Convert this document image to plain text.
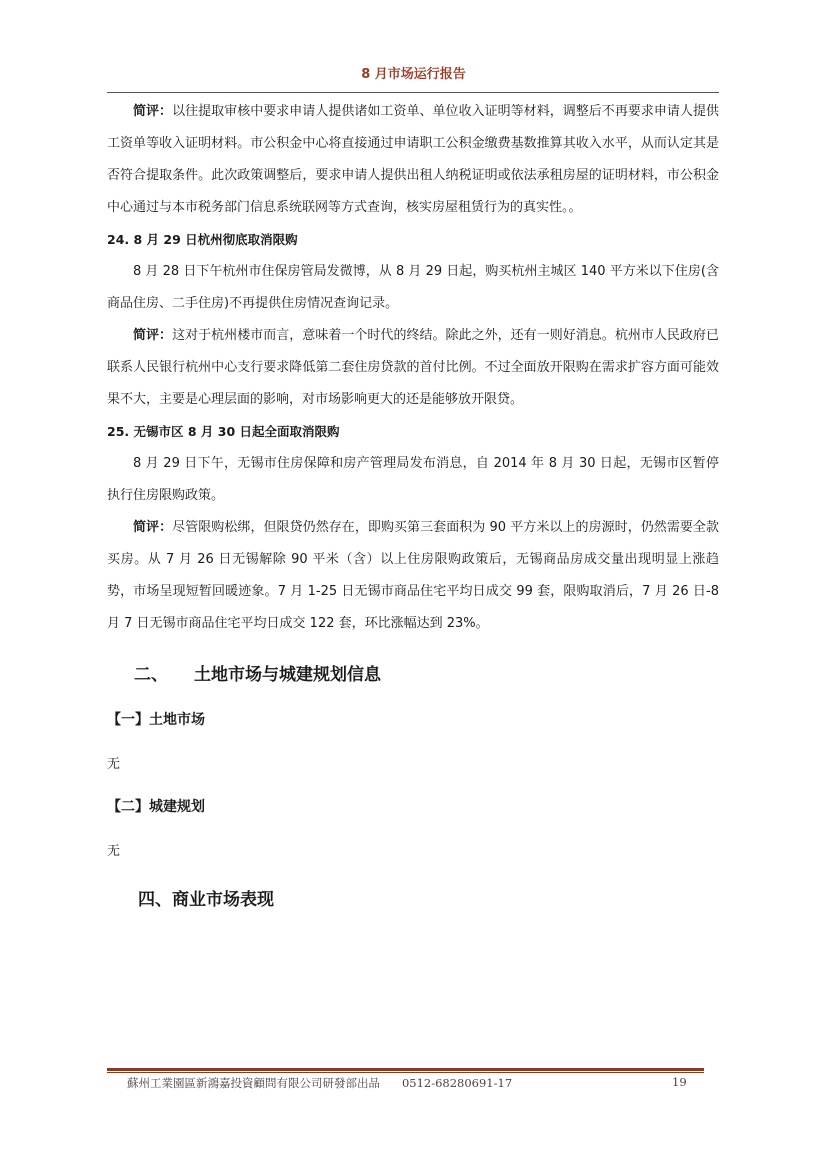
8 月市场运行报告

简评：以往提取审核中要求申请人提供诸如工资单、单位收入证明等材料，调整后不再要求申请人提供工资单等收入证明材料。市公积金中心将直接通过申请职工公积金缴费基数推算其收入水平，从而认定其是否符合提取条件。此次政策调整后，要求申请人提供出租人纳税证明或依法承租房屋的证明材料，市公积金中心通过与本市税务部门信息系统联网等方式查询，核实房屋租赁行为的真实性。。

24. 8 月 29 日杭州彻底取消限购

8 月 28 日下午杭州市住保房管局发微博，从 8 月 29 日起，购买杭州主城区 140 平方米以下住房(含商品住房、二手住房)不再提供住房情况查询记录。

简评：这对于杭州楼市而言，意味着一个时代的终结。除此之外，还有一则好消息。杭州市人民政府已联系人民银行杭州中心支行要求降低第二套住房贷款的首付比例。不过全面放开限购在需求扩容方面可能效果不大，主要是心理层面的影响，对市场影响更大的还是能够放开限贷。

25. 无锡市区 8 月 30 日起全面取消限购

8 月 29 日下午，无锡市住房保障和房产管理局发布消息，自 2014 年 8 月 30 日起，无锡市区暂停执行住房限购政策。

简评：尽管限购松绑，但限贷仍然存在，即购买第三套面积为 90 平方米以上的房源时，仍然需要全款买房。从 7 月 26 日无锡解除 90 平米（含）以上住房限购政策后，无锡商品房成交量出现明显上涨趋势，市场呈现短暂回暖迹象。7 月 1-25 日无锡市商品住宅平均日成交 99 套，限购取消后，7 月 26 日-8 月 7 日无锡市商品住宅平均日成交 122 套，环比涨幅达到 23%。

二、 土地市场与城建规划信息

【一】土地市场

无

【二】城建规划

无

四、商业市场表现

蘇州工業園區新鴻嘉投資顧問有限公司研發部出品 0512-68280691-17	19
